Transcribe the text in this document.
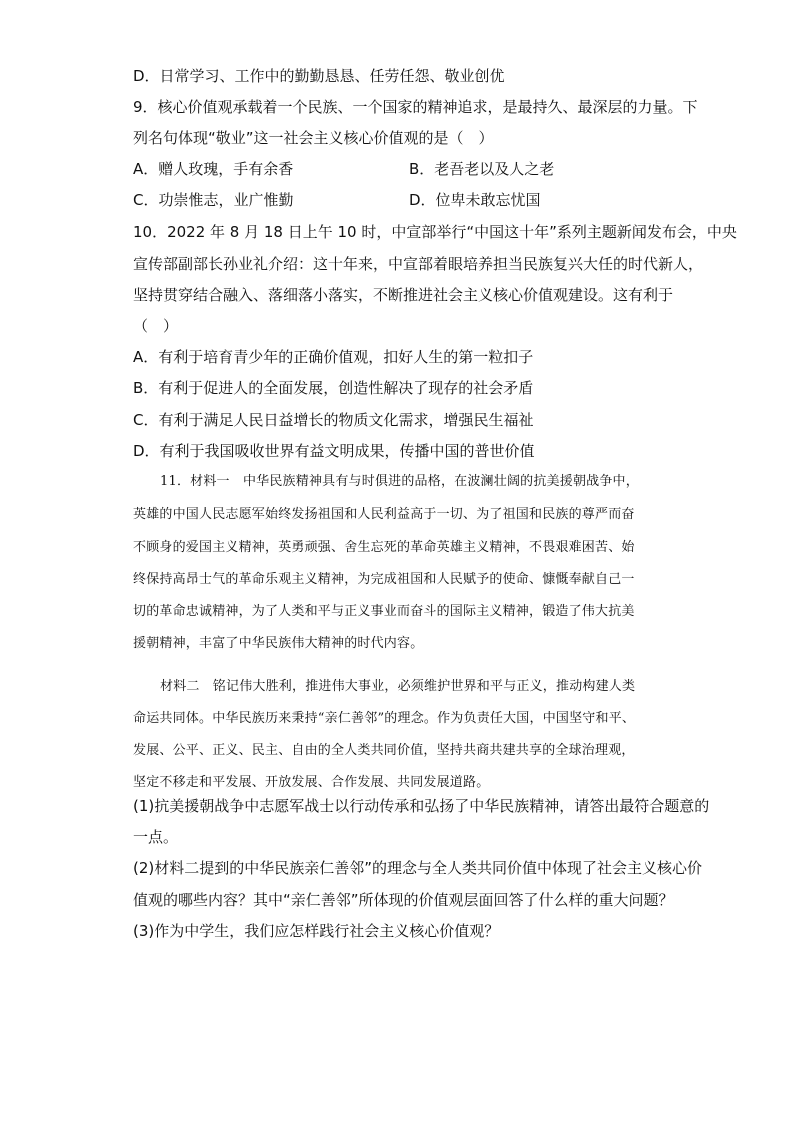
D．日常学习、工作中的勤勤恳恳、任劳任怨、敬业创优
9．核心价值观承载着一个民族、一个国家的精神追求，是最持久、最深层的力量。下
列名句体现“敬业”这一社会主义核心价值观的是（　）
A．赠人玫瑰，手有余香	B．老吾老以及人之老
C．功崇惟志，业广惟勤	D．位卑未敢忘忧国
10．2022 年 8 月 18 日上午 10 时，中宣部举行“中国这十年”系列主题新闻发布会，中央
宣传部副部长孙业礼介绍：这十年来，中宣部着眼培养担当民族复兴大任的时代新人，
坚持贯穿结合融入、落细落小落实，不断推进社会主义核心价值观建设。这有利于
（　）
A．有利于培育青少年的正确价值观，扣好人生的第一粒扣子
B．有利于促进人的全面发展，创造性解决了现存的社会矛盾
C．有利于满足人民日益增长的物质文化需求，增强民生福祉
D．有利于我国吸收世界有益文明成果，传播中国的普世价值
11．材料一　中华民族精神具有与时俱进的品格，在波澜壮阔的抗美援朝战争中，
英雄的中国人民志愿军始终发扬祖国和人民利益高于一切、为了祖国和民族的尊严而奋
不顾身的爱国主义精神，英勇顽强、舍生忘死的革命英雄主义精神，不畏艰难困苦、始
终保持高昂士气的革命乐观主义精神，为完成祖国和人民赋予的使命、慷慨奉献自己一
切的革命忠诚精神，为了人类和平与正义事业而奋斗的国际主义精神，锻造了伟大抗美
援朝精神，丰富了中华民族伟大精神的时代内容。
材料二　铭记伟大胜利，推进伟大事业，必须维护世界和平与正义，推动构建人类
命运共同体。中华民族历来秉持“亲仁善邻”的理念。作为负责任大国，中国坚守和平、
发展、公平、正义、民主、自由的全人类共同价值，坚持共商共建共享的全球治理观，
坚定不移走和平发展、开放发展、合作发展、共同发展道路。
(1)抗美援朝战争中志愿军战士以行动传承和弘扬了中华民族精神，请答出最符合题意的
一点。
(2)材料二提到的中华民族亲仁善邻”的理念与全人类共同价值中体现了社会主义核心价
值观的哪些内容？其中“亲仁善邻”所体现的价值观层面回答了什么样的重大问题？
(3)作为中学生，我们应怎样践行社会主义核心价值观？
